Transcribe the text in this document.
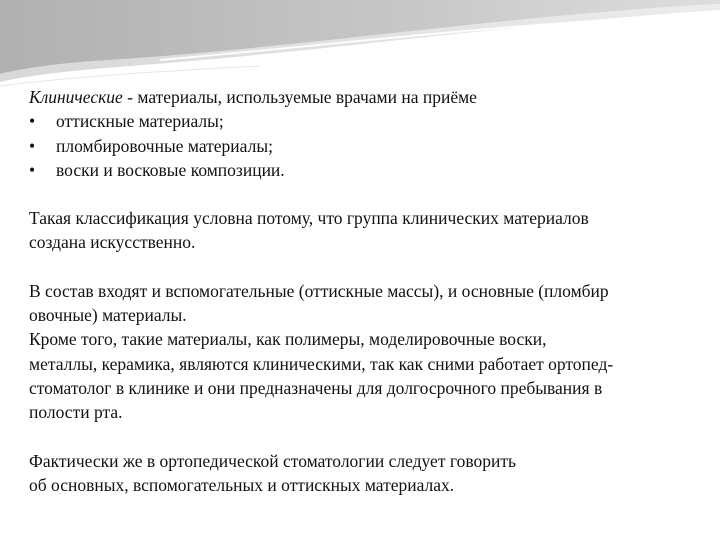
Клинические - материалы, используемые врачами на приёме

• оттискные материалы;
• пломбировочные материалы;
• воски и восковые композиции.

Такая классификация условна потому, что группа клинических материалов

создана искусственно.

В состав входят и вспомогательные (оттискные массы), и основные (пломбир

овочные) материалы.

Кроме того, такие материалы, как полимеры, моделировочные воски,

металлы, керамика, являются клиническими, так как сними работает ортопед-

стоматолог в клинике и они предназначены для долгосрочного пребывания в

полости рта.

Фактически же в ортопедической стоматологии следует говорить

об основных, вспомогательных и оттискных материалах.
